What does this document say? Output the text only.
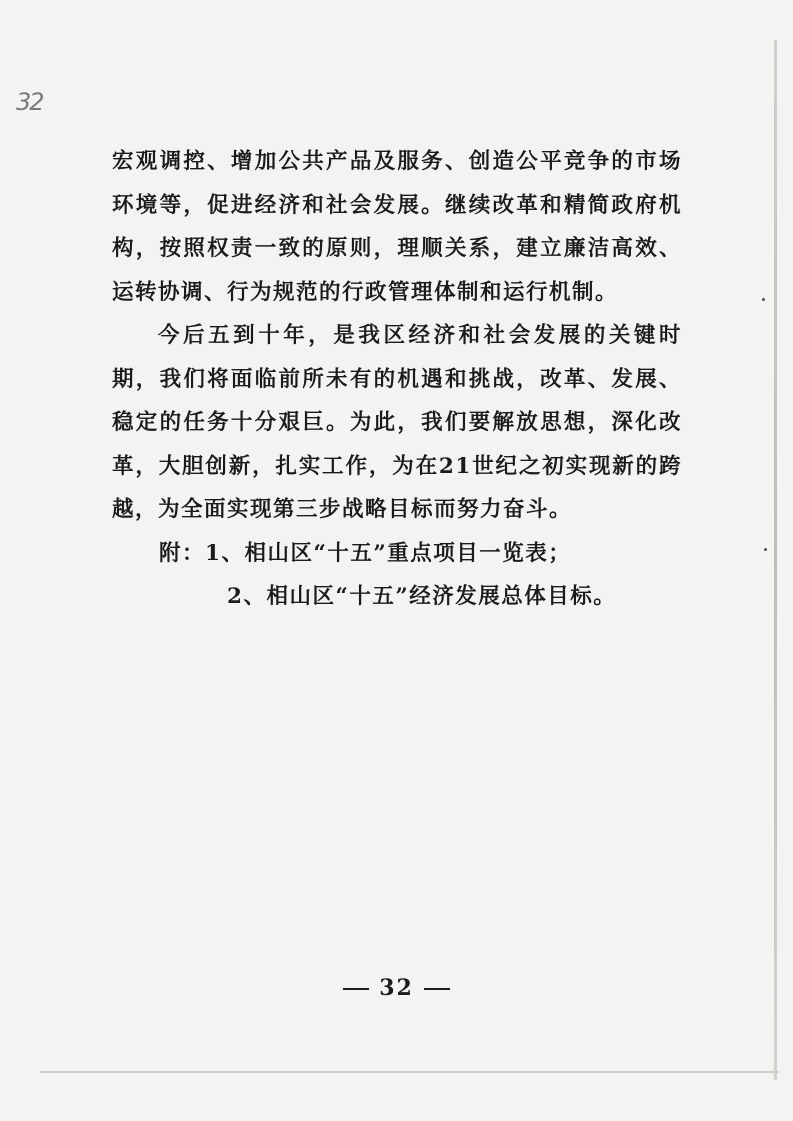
32

宏观调控、增加公共产品及服务、创造公平竞争的市场环境等，促进经济和社会发展。继续改革和精简政府机构，按照权责一致的原则，理顺关系，建立廉洁高效、运转协调、行为规范的行政管理体制和运行机制。

今后五到十年，是我区经济和社会发展的关键时期，我们将面临前所未有的机遇和挑战，改革、发展、稳定的任务十分艰巨。为此，我们要解放思想，深化改革，大胆创新，扎实工作，为在21世纪之初实现新的跨越，为全面实现第三步战略目标而努力奋斗。

附：1、相山区“十五”重点项目一览表；

2、相山区“十五”经济发展总体目标。

32
